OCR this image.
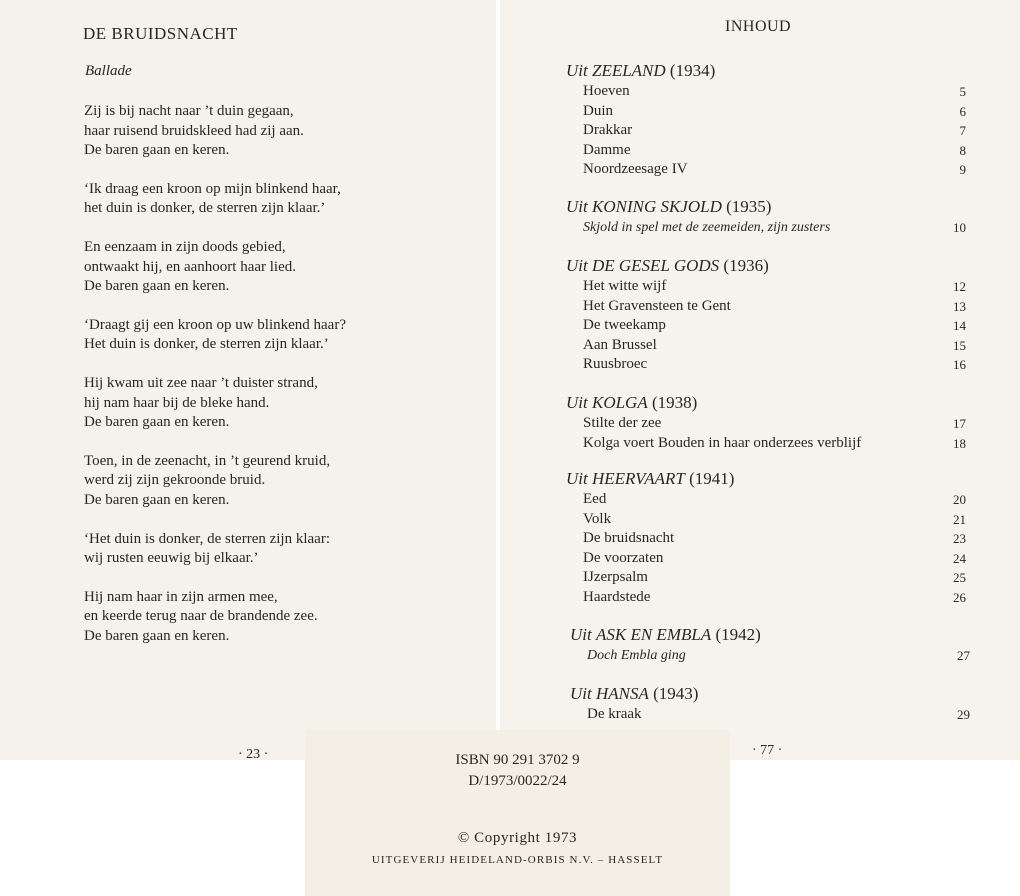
DE BRUIDSNACHT
Ballade
Zij is bij nacht naar ’t duin gegaan,
haar ruisend bruidskleed had zij aan.
De baren gaan en keren.
‘Ik draag een kroon op mijn blinkend haar,
het duin is donker, de sterren zijn klaar.’
En eenzaam in zijn doods gebied,
ontwaakt hij, en aanhoort haar lied.
De baren gaan en keren.
‘Draagt gij een kroon op uw blinkend haar?
Het duin is donker, de sterren zijn klaar.’
Hij kwam uit zee naar ’t duister strand,
hij nam haar bij de bleke hand.
De baren gaan en keren.
Toen, in de zeenacht, in ’t geurend kruid,
werd zij zijn gekroonde bruid.
De baren gaan en keren.
‘Het duin is donker, de sterren zijn klaar:
wij rusten eeuwig bij elkaar.’
Hij nam haar in zijn armen mee,
en keerde terug naar de brandende zee.
De baren gaan en keren.
· 23 ·
INHOUD
Uit ZEELAND (1934)
Hoeven	5
Duin	6
Drakkar	7
Damme	8
Noordzeesage IV	9
Uit KONING SKJOLD (1935)
Skjold in spel met de zeemeiden, zijn zusters	10
Uit DE GESEL GODS (1936)
Het witte wijf	12
Het Gravensteen te Gent	13
De tweekamp	14
Aan Brussel	15
Ruusbroec	16
Uit KOLGA (1938)
Stilte der zee	17
Kolga voert Bouden in haar onderzees verblijf	18
Uit HEERVAART (1941)
Eed	20
Volk	21
De bruidsnacht	23
De voorzaten	24
IJzerpsalm	25
Haardstede	26
Uit ASK EN EMBLA (1942)
Doch Embla ging	27
Uit HANSA (1943)
De kraak	29
· 77 ·
ISBN 90 291 3702 9
D/1973/0022/24
© Copyright 1973
UITGEVERIJ HEIDELAND-ORBIS N.V. – HASSELT
